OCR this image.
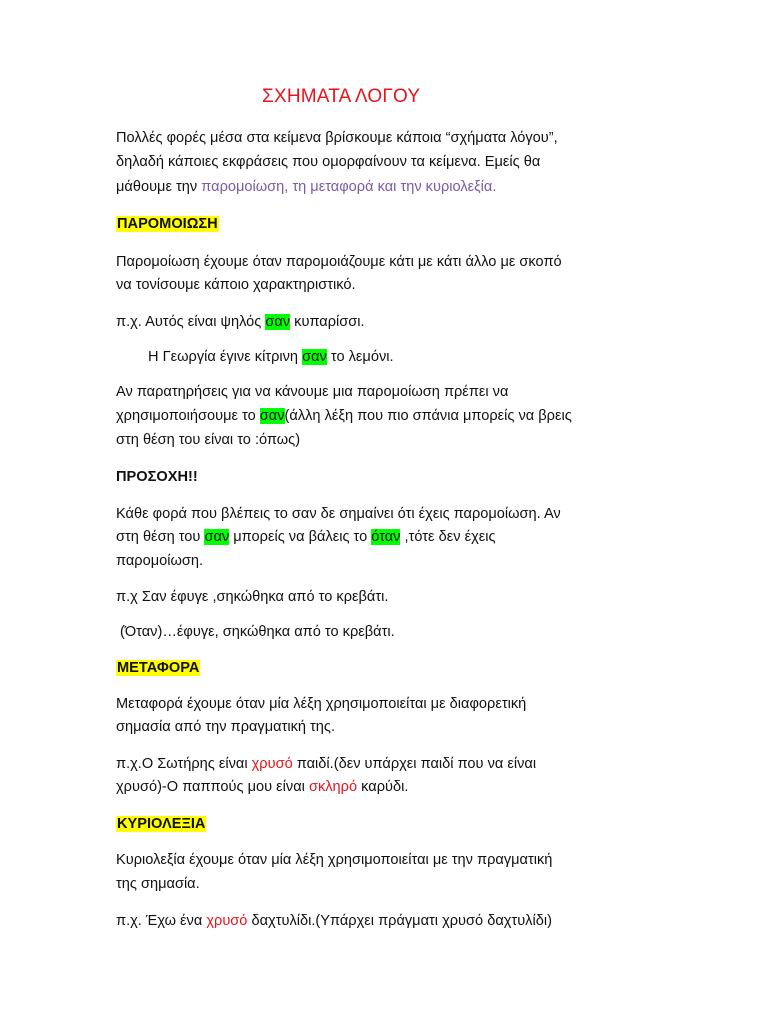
ΣΧΗΜΑΤΑ ΛΟΓΟΥ
Πολλές φορές μέσα στα κείμενα βρίσκουμε κάποια “σχήματα λόγου”,
δηλαδή κάποιες εκφράσεις που ομορφαίνουν τα κείμενα. Εμείς θα
μάθουμε την παρομοίωση, τη μεταφορά και την κυριολεξία.
ΠΑΡΟΜΟΙΩΣΗ
Παρομοίωση έχουμε όταν παρομοιάζουμε κάτι με κάτι άλλο με σκοπό
να τονίσουμε κάποιο χαρακτηριστικό.
π.χ. Αυτός είναι ψηλός σαν κυπαρίσσι.
Η Γεωργία έγινε κίτρινη σαν το λεμόνι.
Αν παρατηρήσεις για να κάνουμε μια παρομοίωση πρέπει να
χρησιμοποιήσουμε το σαν(άλλη λέξη που πιο σπάνια μπορείς να βρεις
στη θέση του είναι το :όπως)
ΠΡΟΣΟΧΗ!!
Κάθε φορά που βλέπεις το σαν δε σημαίνει ότι έχεις παρομοίωση. Αν
στη θέση του σαν μπορείς να βάλεις το όταν ,τότε δεν έχεις
παρομοίωση.
π.χ Σαν έφυγε ,σηκώθηκα από το κρεβάτι.
(Όταν)…έφυγε, σηκώθηκα από το κρεβάτι.
ΜΕΤΑΦΟΡΑ
Μεταφορά έχουμε όταν μία λέξη χρησιμοποιείται με διαφορετική
σημασία από την πραγματική της.
π.χ.Ο Σωτήρης είναι χρυσό παιδί.(δεν υπάρχει παιδί που να είναι
χρυσό)-Ο παππούς μου είναι σκληρό καρύδι.
ΚΥΡΙΟΛΕΞΙΑ
Κυριολεξία έχουμε όταν μία λέξη χρησιμοποιείται με την πραγματική
της σημασία.
π.χ. Έχω ένα χρυσό δαχτυλίδι.(Υπάρχει πράγματι χρυσό δαχτυλίδι)
